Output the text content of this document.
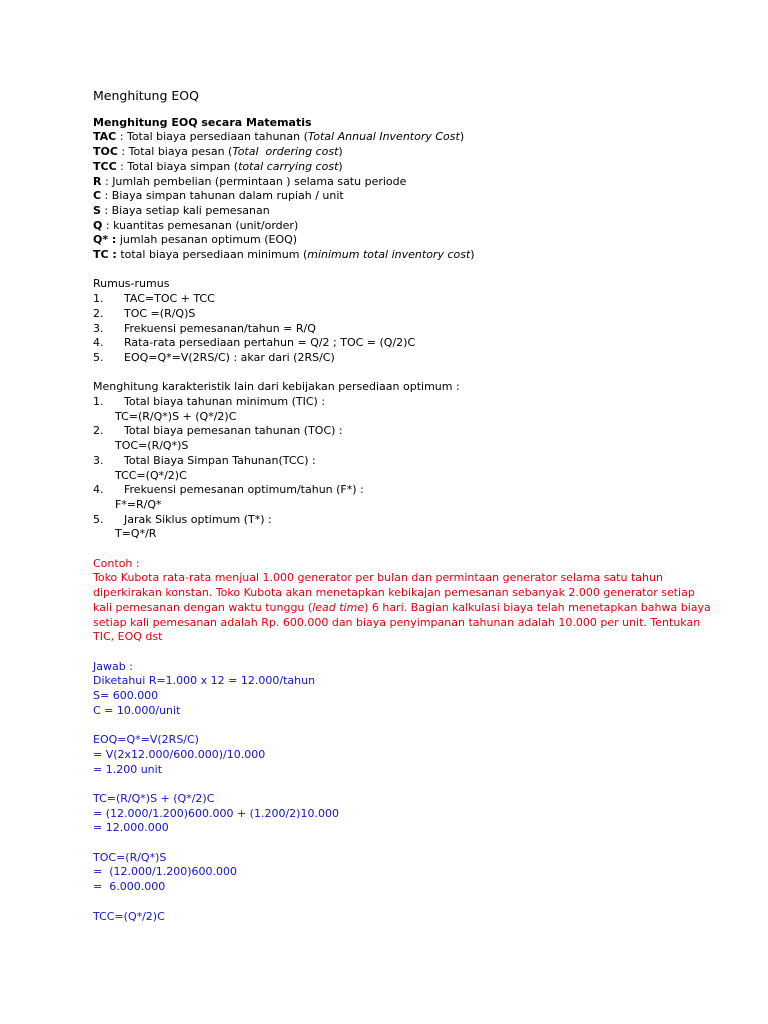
Menghitung EOQ
Menghitung EOQ secara Matematis
TAC : Total biaya persediaan tahunan (Total Annual Inventory Cost)
TOC : Total biaya pesan (Total  ordering cost)
TCC : Total biaya simpan (total carrying cost)
R : Jumlah pembelian (permintaan ) selama satu periode
C : Biaya simpan tahunan dalam rupiah / unit
S : Biaya setiap kali pemesanan
Q : kuantitas pemesanan (unit/order)
Q* : jumlah pesanan optimum (EOQ)
TC : total biaya persediaan minimum (minimum total inventory cost)
Rumus-rumus
1. TAC=TOC + TCC
2. TOC =(R/Q)S
3. Frekuensi pemesanan/tahun = R/Q
4. Rata-rata persediaan pertahun = Q/2 ; TOC = (Q/2)C
5. EOQ=Q*=V(2RS/C) : akar dari (2RS/C)
Menghitung karakteristik lain dari kebijakan persediaan optimum :
1. Total biaya tahunan minimum (TIC) :
TC=(R/Q*)S + (Q*/2)C
2. Total biaya pemesanan tahunan (TOC) :
TOC=(R/Q*)S
3. Total Biaya Simpan Tahunan(TCC) :
TCC=(Q*/2)C
4. Frekuensi pemesanan optimum/tahun (F*) :
F*=R/Q*
5. Jarak Siklus optimum (T*) :
T=Q*/R
Contoh :
Toko Kubota rata-rata menjual 1.000 generator per bulan dan permintaan generator selama satu tahun
diperkirakan konstan. Toko Kubota akan menetapkan kebikajan pemesanan sebanyak 2.000 generator setiap
kali pemesanan dengan waktu tunggu (lead time) 6 hari. Bagian kalkulasi biaya telah menetapkan bahwa biaya
setiap kali pemesanan adalah Rp. 600.000 dan biaya penyimpanan tahunan adalah 10.000 per unit. Tentukan
TIC, EOQ dst
Jawab :
Diketahui R=1.000 x 12 = 12.000/tahun
S= 600.000
C = 10.000/unit
EOQ=Q*=V(2RS/C)
= V(2x12.000/600.000)/10.000
= 1.200 unit
TC=(R/Q*)S + (Q*/2)C
= (12.000/1.200)600.000 + (1.200/2)10.000
= 12.000.000
TOC=(R/Q*)S
=  (12.000/1.200)600.000
=  6.000.000
TCC=(Q*/2)C
